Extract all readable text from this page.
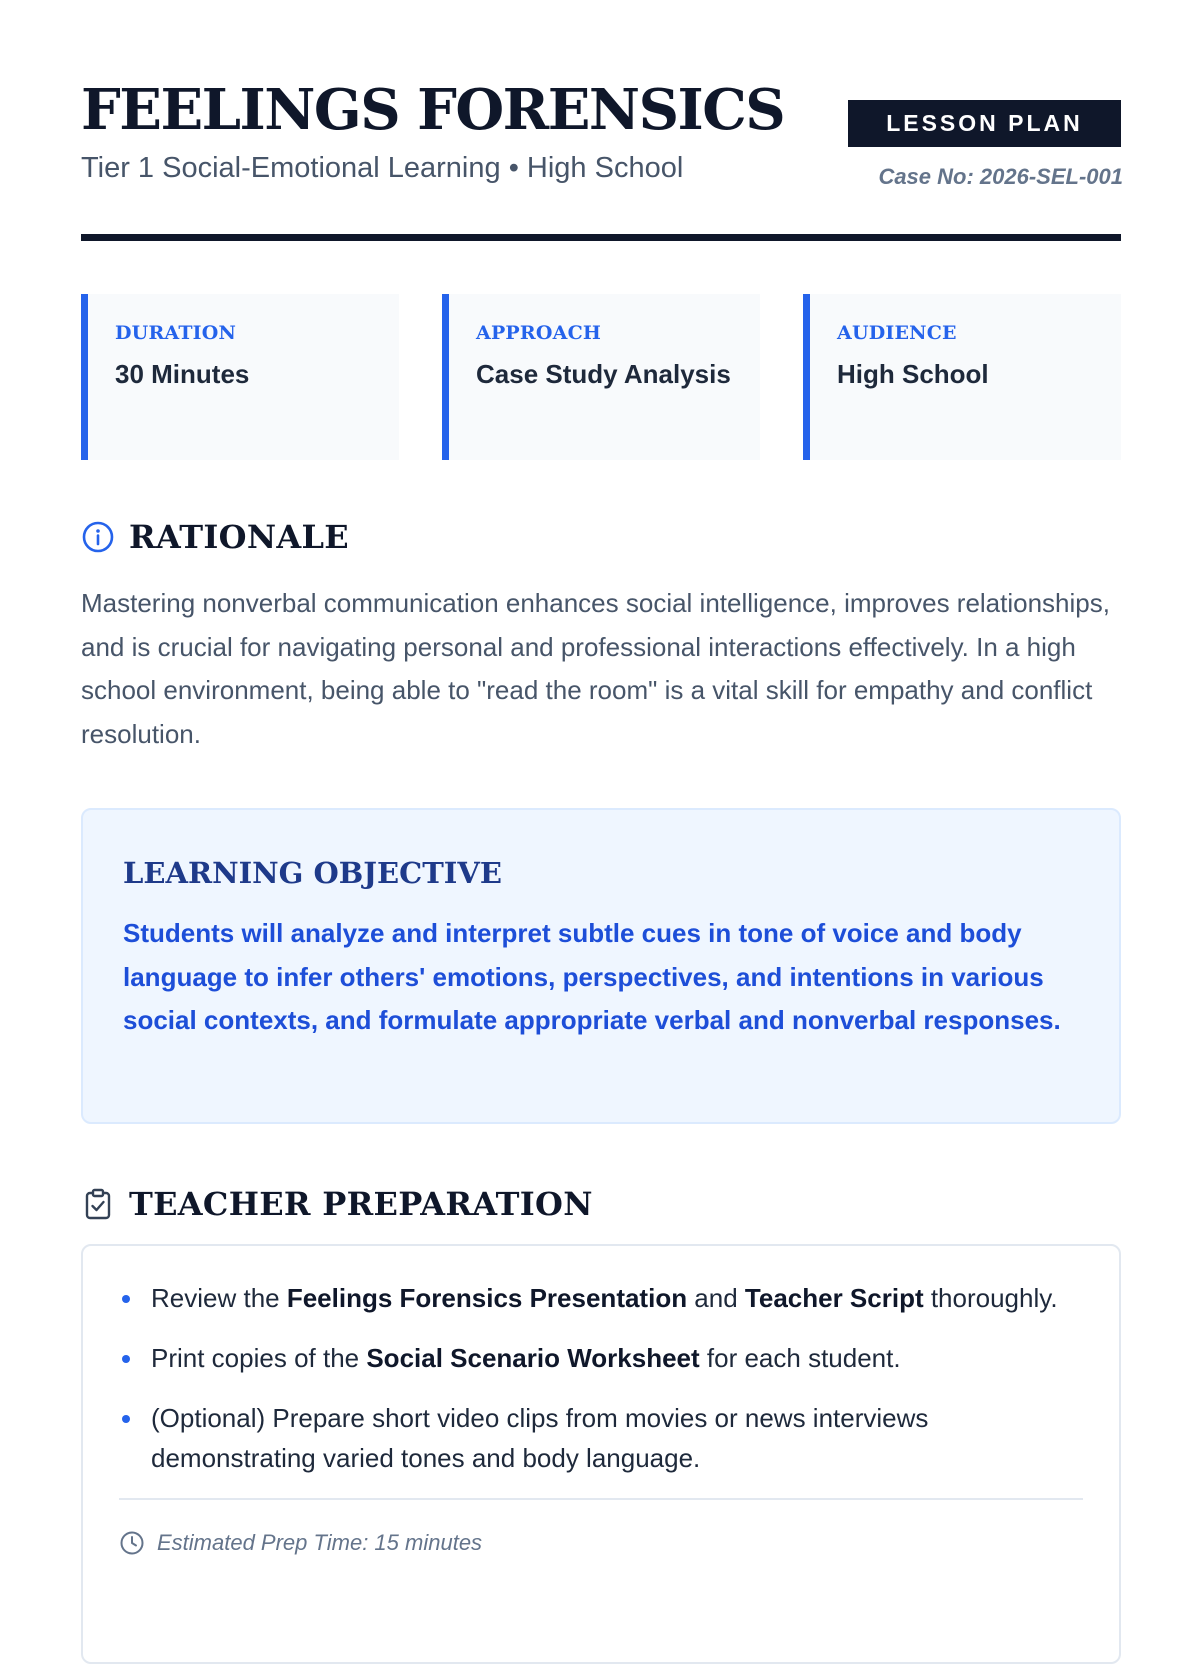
FEELINGS FORENSICS
Tier 1 Social-Emotional Learning • High School
LESSON PLAN
Case No: 2026-SEL-001
DURATION
30 Minutes
APPROACH
Case Study Analysis
AUDIENCE
High School
RATIONALE

Mastering nonverbal communication enhances social intelligence, improves relationships, and is crucial for navigating personal and professional interactions effectively. In a high school environment, being able to "read the room" is a vital skill for empathy and conflict resolution.

LEARNING OBJECTIVE

Students will analyze and interpret subtle cues in tone of voice and body language to infer others' emotions, perspectives, and intentions in various social contexts, and formulate appropriate verbal and nonverbal responses.

TEACHER PREPARATION
Review the Feelings Forensics Presentation and Teacher Script thoroughly.
Print copies of the Social Scenario Worksheet for each student.
(Optional) Prepare short video clips from movies or news interviews demonstrating varied tones and body language.
Estimated Prep Time: 15 minutes
